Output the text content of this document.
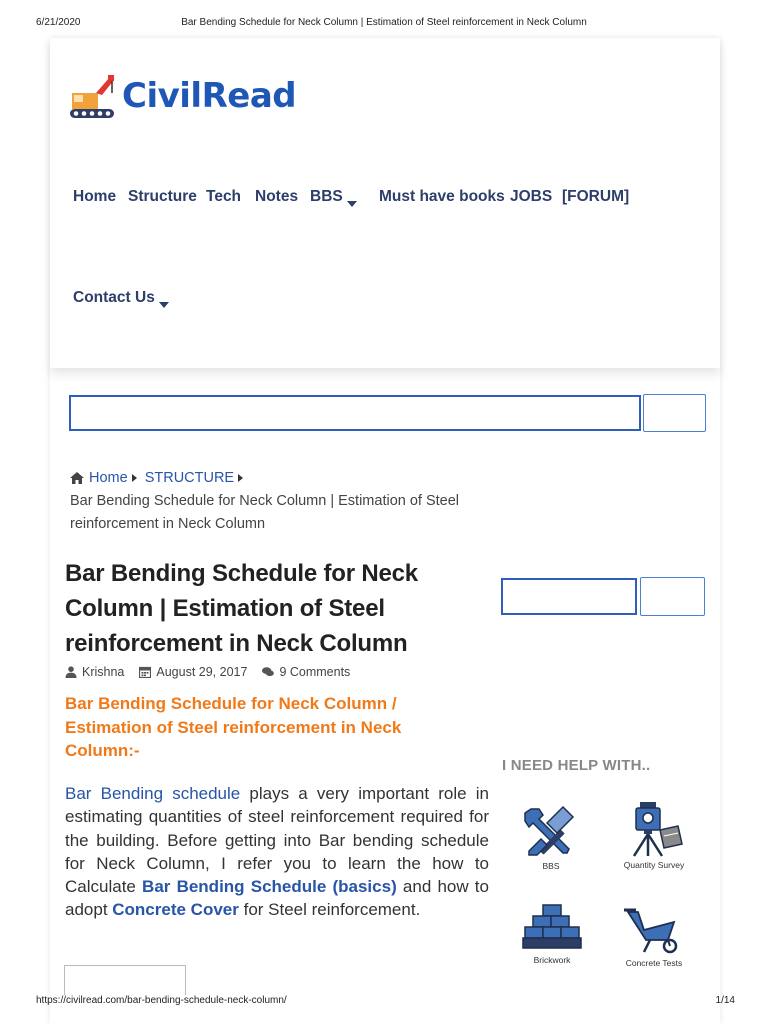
6/21/2020	Bar Bending Schedule for Neck Column | Estimation of Steel reinforcement in Neck Column
CivilRead
Home Structure Tech Notes BBS	Must have books JOBS [FORUM]
Contact Us
Home STRUCTURE
Bar Bending Schedule for Neck Column | Estimation of Steel reinforcement in Neck Column
Bar Bending Schedule for Neck Column | Estimation of Steel reinforcement in Neck Column
Krishna	August 29, 2017	9 Comments
Bar Bending Schedule for Neck Column / Estimation of Steel reinforcement in Neck Column:-

Bar Bending schedule plays a very important role in estimating quantities of steel reinforcement required for the building. Before getting into Bar bending schedule for Neck Column, I refer you to learn the how to Calculate Bar Bending Schedule (basics) and how to adopt Concrete Cover for Steel reinforcement.

I NEED HELP WITH..
BBS	Quantity Survey
Brickwork	Concrete Tests
https://civilread.com/bar-bending-schedule-neck-column/	1/14
